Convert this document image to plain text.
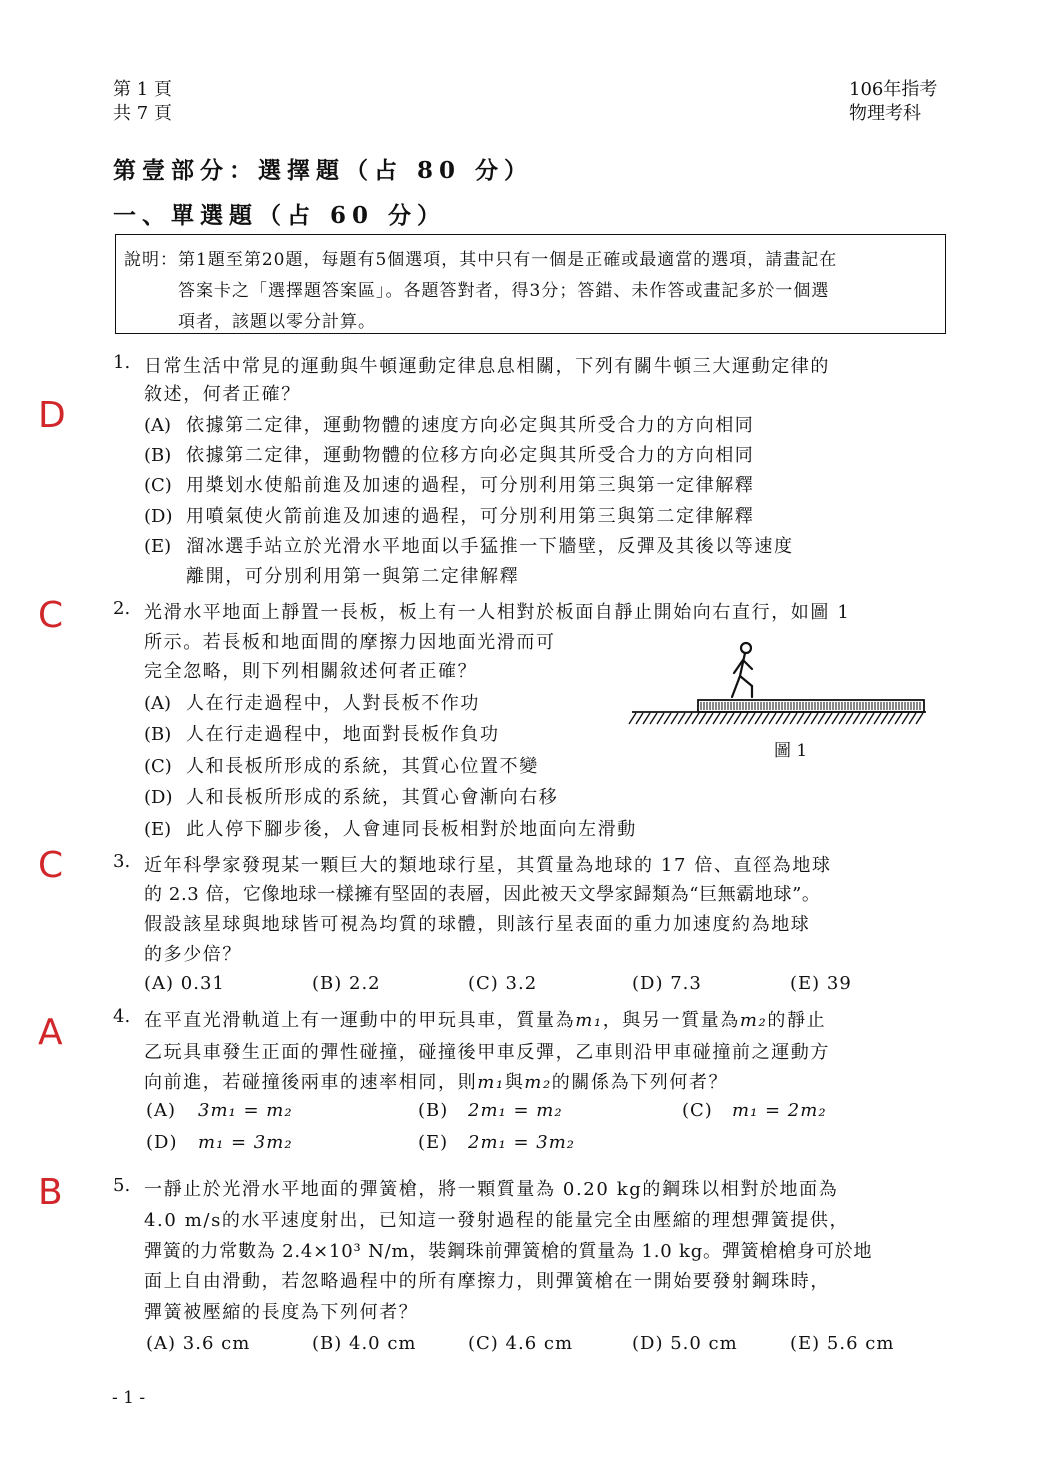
第 1 頁
共 7 頁
106年指考
物理考科
第壹部分：選擇題（占 80 分）
一、單選題（占 60 分）
說明： 第1題至第20題，每題有5個選項，其中只有一個是正確或最適當的選項，請畫記在
答案卡之「選擇題答案區」。各題答對者，得3分；答錯、未作答或畫記多於一個選
項者，該題以零分計算。
D
1. 日常生活中常見的運動與牛頓運動定律息息相關，下列有關牛頓三大運動定律的
敘述，何者正確？
(A) 依據第二定律，運動物體的速度方向必定與其所受合力的方向相同
(B) 依據第二定律，運動物體的位移方向必定與其所受合力的方向相同
(C) 用槳划水使船前進及加速的過程，可分別利用第三與第一定律解釋
(D) 用噴氣使火箭前進及加速的過程，可分別利用第三與第二定律解釋
(E) 溜冰選手站立於光滑水平地面以手猛推一下牆壁，反彈及其後以等速度
離開，可分別利用第一與第二定律解釋
C	2. 光滑水平地面上靜置一長板，板上有一人相對於板面自靜止開始向右直行，如圖 1
所示。若長板和地面間的摩擦力因地面光滑而可
完全忽略，則下列相關敘述何者正確？
(A) 人在行走過程中，人對長板不作功
(B) 人在行走過程中，地面對長板作負功
(C) 人和長板所形成的系統，其質心位置不變
(D) 人和長板所形成的系統，其質心會漸向右移
(E) 此人停下腳步後，人會連同長板相對於地面向左滑動
圖 1
C	3. 近年科學家發現某一顆巨大的類地球行星，其質量為地球的 17 倍、直徑為地球
的 2.3 倍，它像地球一樣擁有堅固的表層，因此被天文學家歸類為“巨無霸地球”。
假設該星球與地球皆可視為均質的球體，則該行星表面的重力加速度約為地球
的多少倍？
(A) 0.31	(B) 2.2	(C) 3.2	(D) 7.3	(E) 39
A	4. 在平直光滑軌道上有一運動中的甲玩具車，質量為m₁，與另一質量為m₂的靜止
乙玩具車發生正面的彈性碰撞，碰撞後甲車反彈，乙車則沿甲車碰撞前之運動方
向前進，若碰撞後兩車的速率相同，則m₁與m₂的關係為下列何者？
(A) 3m₁ = m₂	(B) 2m₁ = m₂	(C) m₁ = 2m₂
(D) m₁ = 3m₂	(E) 2m₁ = 3m₂
B	5. 一靜止於光滑水平地面的彈簧槍，將一顆質量為 0.20 kg的鋼珠以相對於地面為
4.0 m/s的水平速度射出，已知這一發射過程的能量完全由壓縮的理想彈簧提供，
彈簧的力常數為 2.4×10³ N/m，裝鋼珠前彈簧槍的質量為 1.0 kg。彈簧槍槍身可於地
面上自由滑動，若忽略過程中的所有摩擦力，則彈簧槍在一開始要發射鋼珠時，
彈簧被壓縮的長度為下列何者？
(A) 3.6 cm	(B) 4.0 cm	(C) 4.6 cm	(D) 5.0 cm	(E) 5.6 cm
- 1 -
